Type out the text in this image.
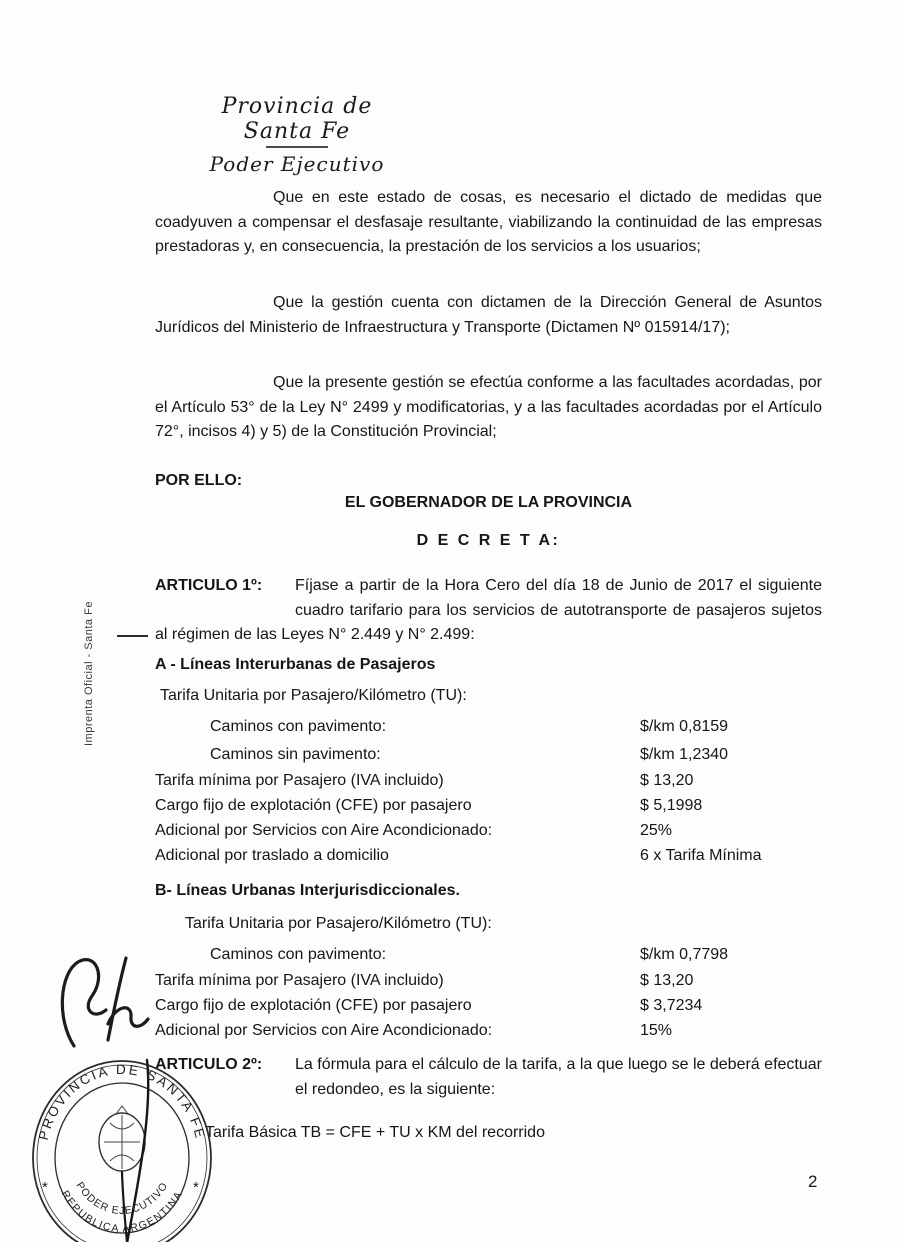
Provincia de Santa Fe
Poder Ejecutivo
Imprenta Oficial - Santa Fe

Que en este estado de cosas, es necesario el dictado de medidas que coadyuven a compensar el desfasaje resultante, viabilizando la continuidad de las empresas prestadoras y, en consecuencia, la prestación de los servicios a los usuarios;

Que la gestión cuenta con dictamen de la Dirección General de Asuntos Jurídicos del Ministerio de Infraestructura y Transporte (Dictamen Nº 015914/17);

Que la presente gestión se efectúa conforme a las facultades acordadas, por el Artículo 53° de la Ley N° 2499 y modificatorias, y a las facultades acordadas por el Artículo 72°, incisos 4) y 5) de la Constitución Provincial;

POR ELLO:
EL GOBERNADOR DE LA PROVINCIA
D E C R E T A:
ARTICULO 1º:	Fíjase a partir de la Hora Cero del día 18 de Junio de 2017 el siguiente cuadro tarifario para los servicios de autotransporte de pasajeros sujetos al régimen de las Leyes N° 2.449 y N° 2.499:
A - Líneas Interurbanas de Pasajeros
Tarifa Unitaria por Pasajero/Kilómetro (TU):
Caminos con pavimento:	$/km 0,8159
Caminos sin pavimento:	$/km 1,2340
Tarifa mínima por Pasajero (IVA incluido)	$ 13,20
Cargo fijo de explotación (CFE) por pasajero	$ 5,1998
Adicional por Servicios con Aire Acondicionado:	25%
Adicional por traslado a domicilio	6 x Tarifa Mínima
B- Líneas Urbanas Interjurisdiccionales.
Tarifa Unitaria por Pasajero/Kilómetro (TU):
Caminos con pavimento:	$/km 0,7798
Tarifa mínima por Pasajero (IVA incluido)	$ 13,20
Cargo fijo de explotación (CFE) por pasajero	$ 3,7234
Adicional por Servicios con Aire Acondicionado:	15%
ARTICULO 2º:	La fórmula para el cálculo de la tarifa, a la que luego se le deberá efectuar el redondeo, es la siguiente:
Tarifa Básica TB = CFE + TU x KM del recorrido
2
PROVINCIA DE SANTA FE
REPUBLICA ARGENTINA
PODER EJECUTIVO
*	*
